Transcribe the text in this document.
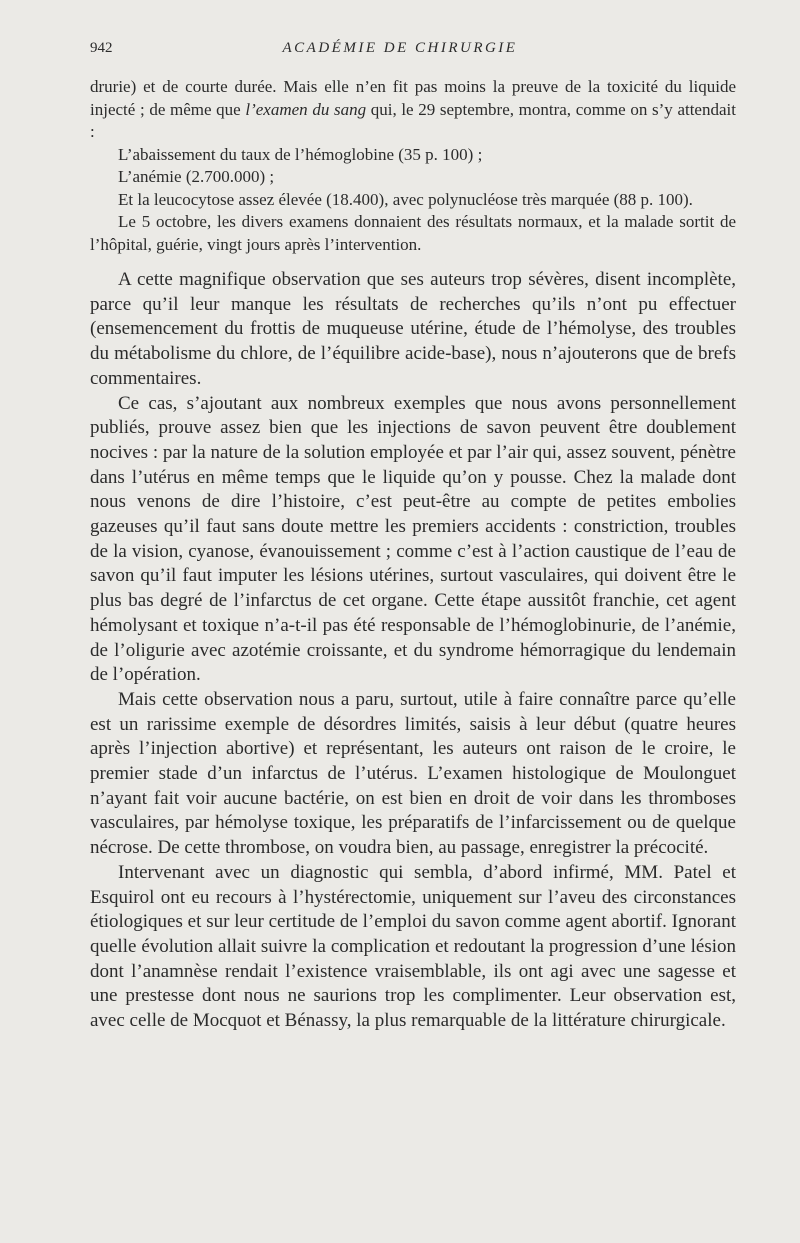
942	ACADÉMIE DE CHIRURGIE

drurie) et de courte durée. Mais elle n’en fit pas moins la preuve de la toxicité du liquide injecté ; de même que l’examen du sang qui, le 29 septembre, montra, comme on s’y attendait :

L’abaissement du taux de l’hémoglobine (35 p. 100) ;

L’anémie (2.700.000) ;

Et la leucocytose assez élevée (18.400), avec polynucléose très marquée (88 p. 100).

Le 5 octobre, les divers examens donnaient des résultats normaux, et la malade sortit de l’hôpital, guérie, vingt jours après l’intervention.

A cette magnifique observation que ses auteurs trop sévères, disent incomplète, parce qu’il leur manque les résultats de recherches qu’ils n’ont pu effectuer (ensemencement du frottis de muqueuse utérine, étude de l’hémolyse, des troubles du métabolisme du chlore, de l’équilibre acide-base), nous n’ajouterons que de brefs commentaires.

Ce cas, s’ajoutant aux nombreux exemples que nous avons personnellement publiés, prouve assez bien que les injections de savon peuvent être doublement nocives : par la nature de la solution employée et par l’air qui, assez souvent, pénètre dans l’utérus en même temps que le liquide qu’on y pousse. Chez la malade dont nous venons de dire l’histoire, c’est peut-être au compte de petites embolies gazeuses qu’il faut sans doute mettre les premiers accidents : constriction, troubles de la vision, cyanose, évanouissement ; comme c’est à l’action caustique de l’eau de savon qu’il faut imputer les lésions utérines, surtout vasculaires, qui doivent être le plus bas degré de l’infarctus de cet organe. Cette étape aussitôt franchie, cet agent hémolysant et toxique n’a-t-il pas été responsable de l’hémoglobinurie, de l’anémie, de l’oligurie avec azotémie croissante, et du syndrome hémorragique du lendemain de l’opération.

Mais cette observation nous a paru, surtout, utile à faire connaître parce qu’elle est un rarissime exemple de désordres limités, saisis à leur début (quatre heures après l’injection abortive) et représentant, les auteurs ont raison de le croire, le premier stade d’un infarctus de l’utérus. L’examen histologique de Moulonguet n’ayant fait voir aucune bactérie, on est bien en droit de voir dans les thromboses vasculaires, par hémolyse toxique, les préparatifs de l’infarcissement ou de quelque nécrose. De cette thrombose, on voudra bien, au passage, enregistrer la précocité.

Intervenant avec un diagnostic qui sembla, d’abord infirmé, MM. Patel et Esquirol ont eu recours à l’hystérectomie, uniquement sur l’aveu des circonstances étiologiques et sur leur certitude de l’emploi du savon comme agent abortif. Ignorant quelle évolution allait suivre la complication et redoutant la progression d’une lésion dont l’anamnèse rendait l’existence vraisemblable, ils ont agi avec une sagesse et une prestesse dont nous ne saurions trop les complimenter. Leur observation est, avec celle de Mocquot et Bénassy, la plus remarquable de la littérature chirurgicale.
